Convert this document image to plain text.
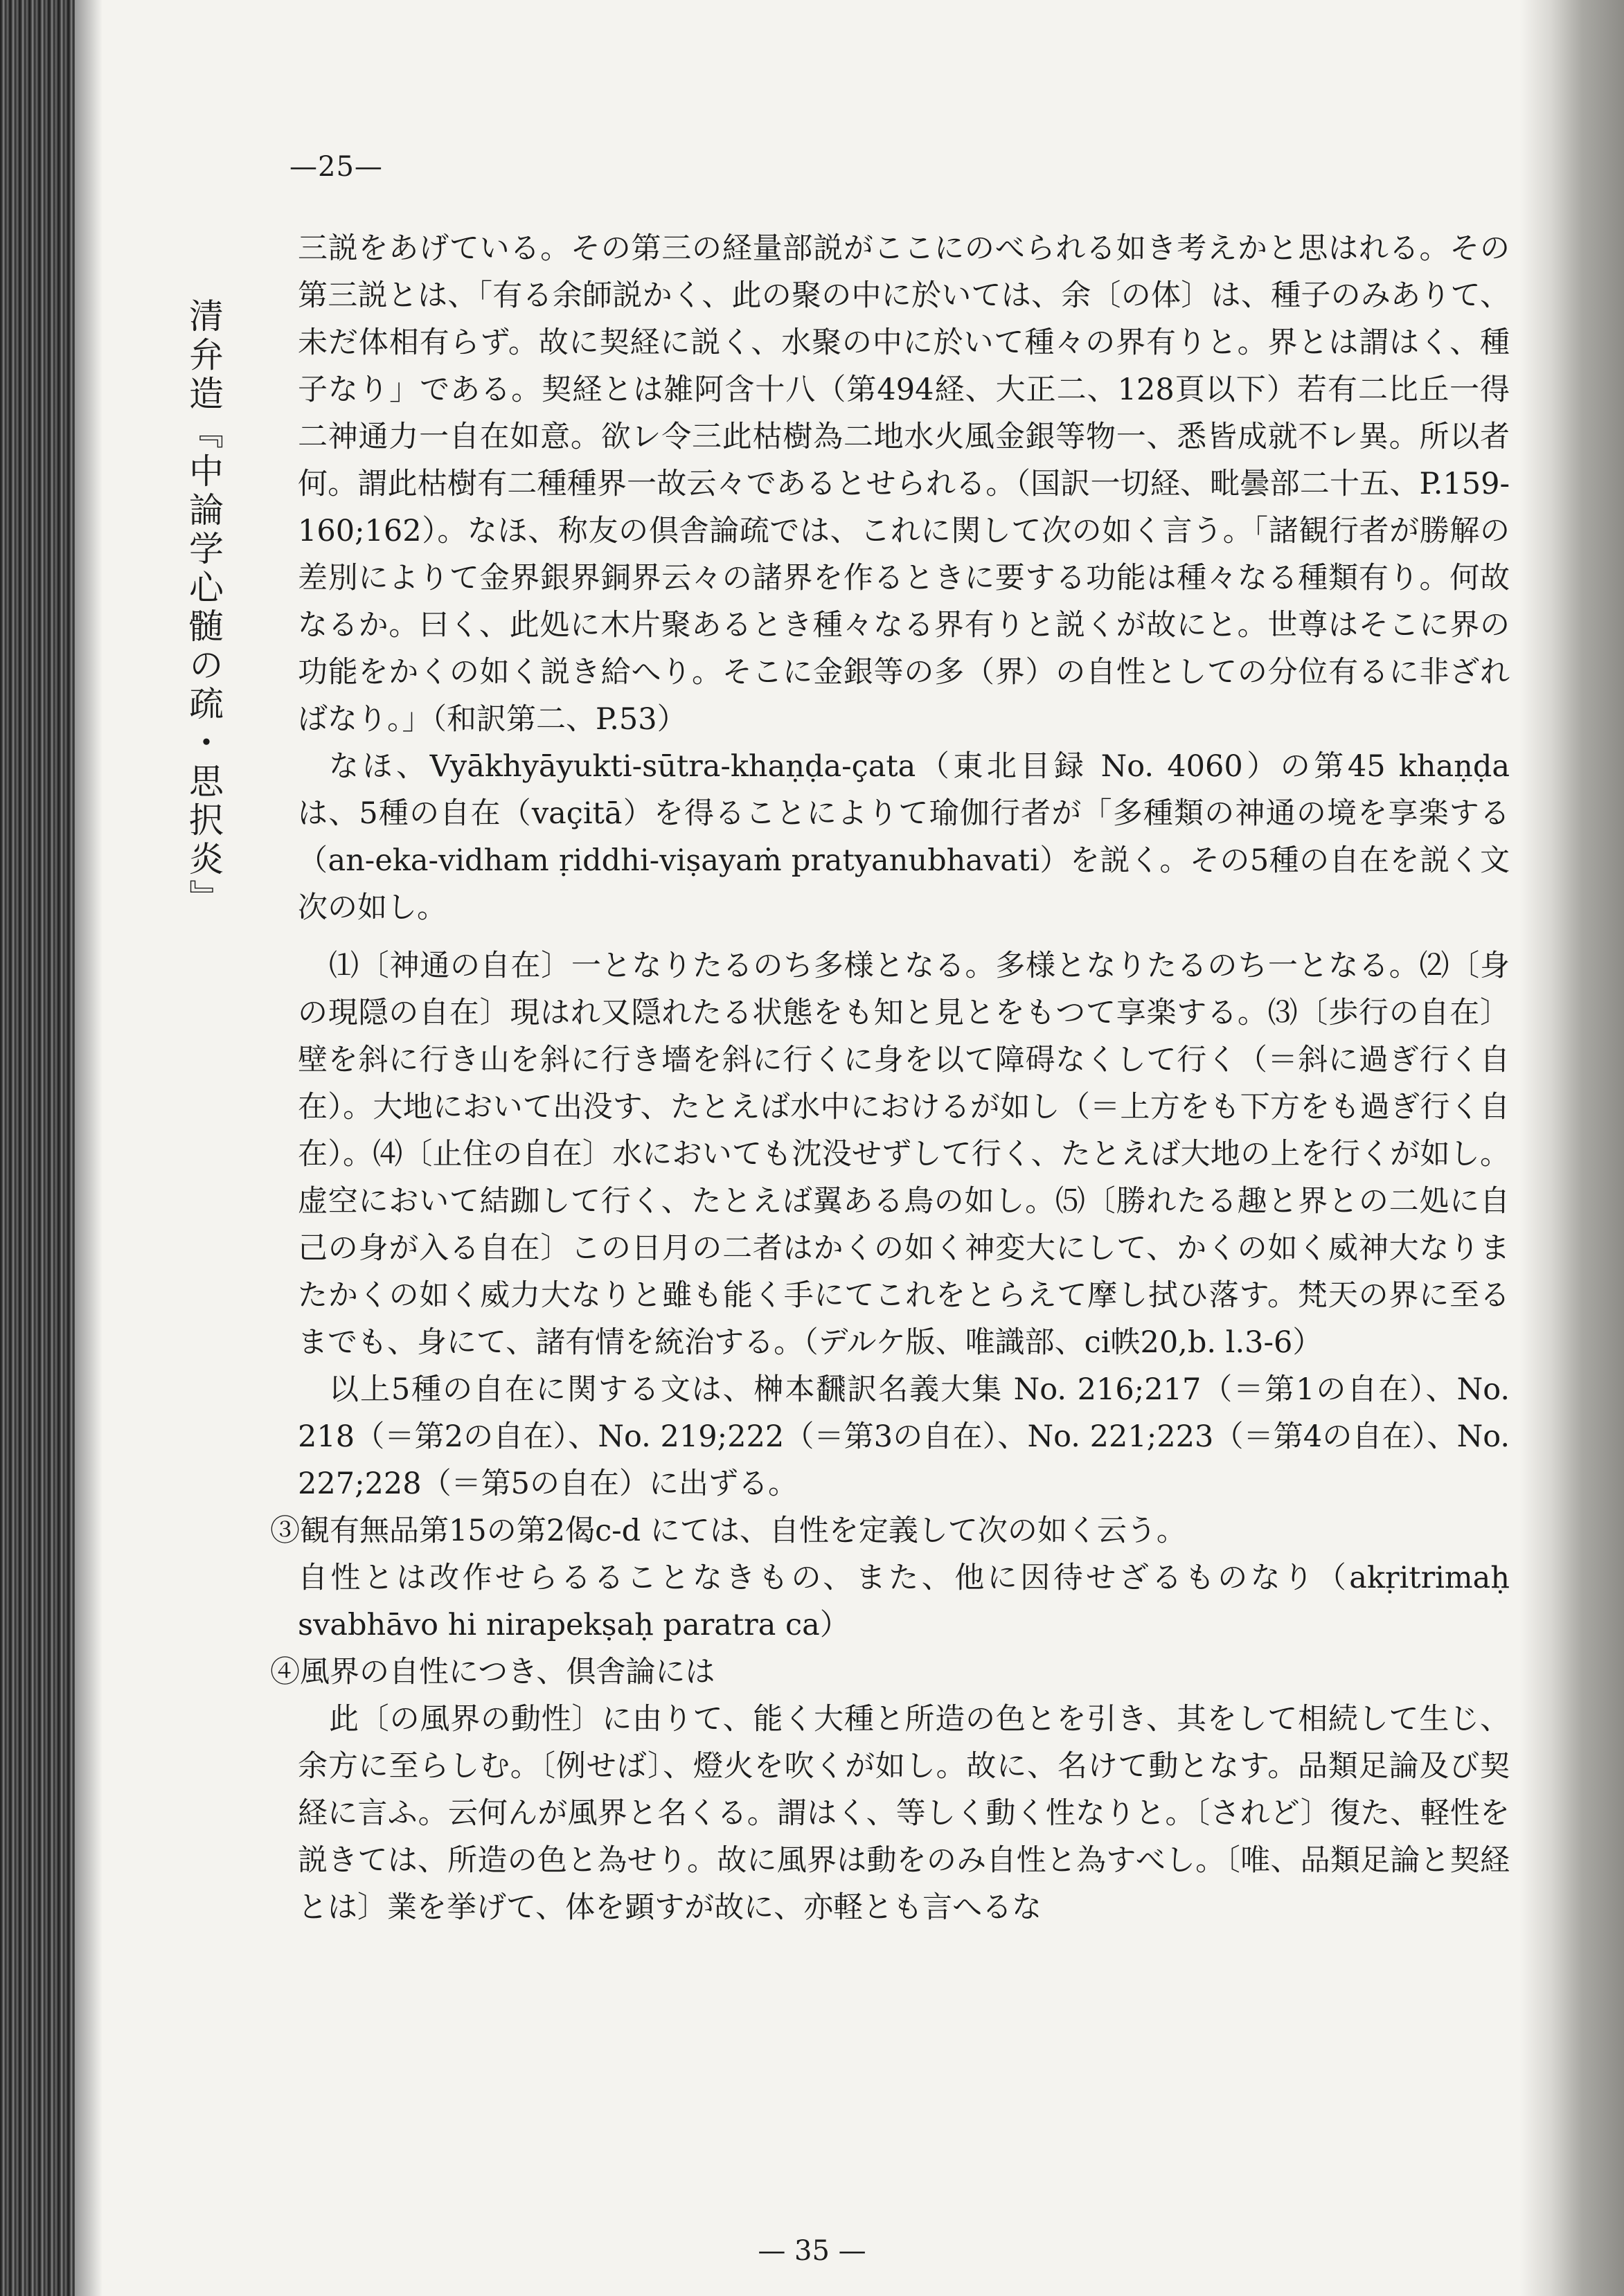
—25—
清弁造『中論学心髄の疏・思択炎』

三説をあげている。その第三の経量部説がここにのべられる如き考えかと思はれる。その第三説とは、「有る余師説かく、此の聚の中に於いては、余〔の体〕は、種子のみありて、未だ体相有らず。故に契経に説く、水聚の中に於いて種々の界有りと。界とは謂はく、種子なり」である。契経とは雑阿含十八（第494経、大正二、128頁以下）若有二比丘一得二神通力一自在如意。欲レ令三此枯樹為二地水火風金銀等物一、悉皆成就不レ異。所以者何。謂此枯樹有二種種界一故云々であるとせられる。（国訳一切経、毗曇部二十五、P.159-160;162）。なほ、称友の倶舎論疏では、これに関して次の如く言う。「諸観行者が勝解の差別によりて金界銀界銅界云々の諸界を作るときに要する功能は種々なる種類有り。何故なるか。曰く、此処に木片聚あるとき種々なる界有りと説くが故にと。世尊はそこに界の功能をかくの如く説き給へり。そこに金銀等の多（界）の自性としての分位有るに非ざればなり。」（和訳第二、P.53）

なほ、Vyākhyāyukti-sūtra-khaṇḍa-çata（東北目録 No. 4060）の第45 khaṇḍa は、5種の自在（vaçitā）を得ることによりて瑜伽行者が「多種類の神通の境を享楽する（an-eka-vidham ṛiddhi-viṣayaṁ pratyanubhavati）を説く。その5種の自在を説く文次の如し。

⑴〔神通の自在〕一となりたるのち多様となる。多様となりたるのち一となる。⑵〔身の現隠の自在〕現はれ又隠れたる状態をも知と見とをもつて享楽する。⑶〔歩行の自在〕壁を斜に行き山を斜に行き墻を斜に行くに身を以て障碍なくして行く（＝斜に過ぎ行く自在）。大地において出没す、たとえば水中におけるが如し（＝上方をも下方をも過ぎ行く自在）。⑷〔止住の自在〕水においても沈没せずして行く、たとえば大地の上を行くが如し。虚空において結跏して行く、たとえば翼ある鳥の如し。⑸〔勝れたる趣と界との二処に自己の身が入る自在〕この日月の二者はかくの如く神変大にして、かくの如く威神大なりまたかくの如く威力大なりと雖も能く手にてこれをとらえて摩し拭ひ落す。梵天の界に至るまでも、身にて、諸有情を統治する。（デルケ版、唯識部、ci帙20,b. l.3-6）

以上5種の自在に関する文は、榊本飜訳名義大集 No. 216;217（＝第1の自在）、No. 218（＝第2の自在）、No. 219;222（＝第3の自在）、No. 221;223（＝第4の自在）、No. 227;228（＝第5の自在）に出ずる。

③観有無品第15の第2偈c-d にては、自性を定義して次の如く云う。

自性とは改作せらるることなきもの、また、他に因待せざるものなり（akṛitrimaḥ svabhāvo hi nirapekṣaḥ paratra ca）

④風界の自性につき、倶舎論には

此〔の風界の動性〕に由りて、能く大種と所造の色とを引き、其をして相続して生じ、余方に至らしむ。〔例せば〕、燈火を吹くが如し。故に、名けて動となす。品類足論及び契経に言ふ。云何んが風界と名くる。謂はく、等しく動く性なりと。〔されど〕復た、軽性を説きては、所造の色と為せり。故に風界は動をのみ自性と為すべし。〔唯、品類足論と契経とは〕業を挙げて、体を顕すが故に、亦軽とも言へるな

— 35 —
